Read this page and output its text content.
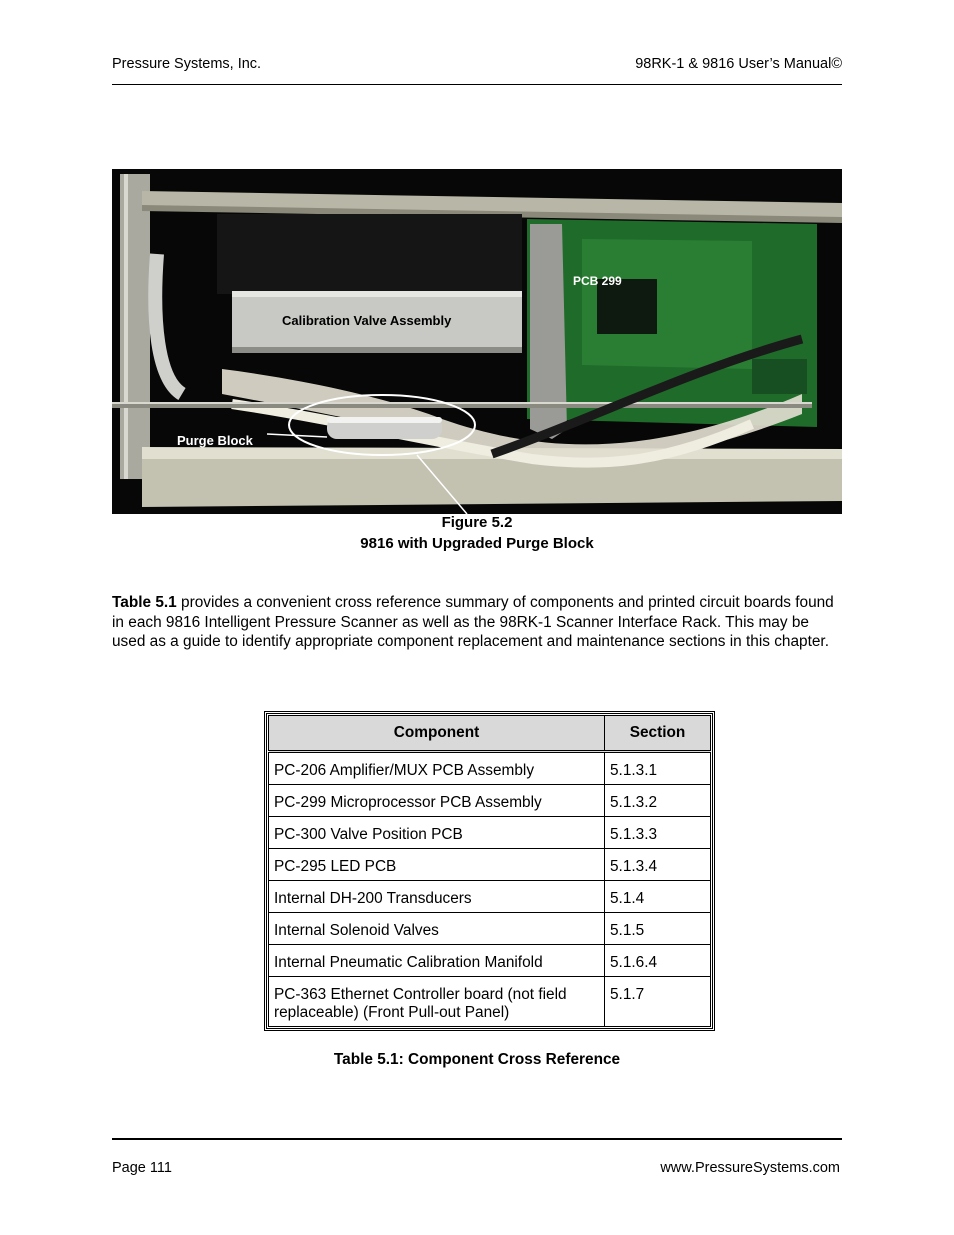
Pressure Systems, Inc.	98RK-1 & 9816 User’s Manual©
Calibration Valve Assembly
PCB 299
Purge Block
Figure 5.2
9816 with Upgraded Purge Block
Table 5.1 provides a convenient cross reference summary of components and printed circuit boards found in each 9816 Intelligent Pressure Scanner as well as the 98RK-1 Scanner Interface Rack. This may be used as a guide to identify appropriate component replacement and maintenance sections in this chapter.
Component	Section
PC-206 Amplifier/MUX PCB Assembly	5.1.3.1
PC-299 Microprocessor PCB Assembly	5.1.3.2
PC-300 Valve Position PCB	5.1.3.3
PC-295 LED PCB	5.1.3.4
Internal DH-200 Transducers	5.1.4
Internal Solenoid Valves	5.1.5
Internal Pneumatic Calibration Manifold	5.1.6.4
PC-363 Ethernet Controller board (not field replaceable) (Front Pull-out Panel)	5.1.7
Table 5.1: Component Cross Reference
Page 111	www.PressureSystems.com
